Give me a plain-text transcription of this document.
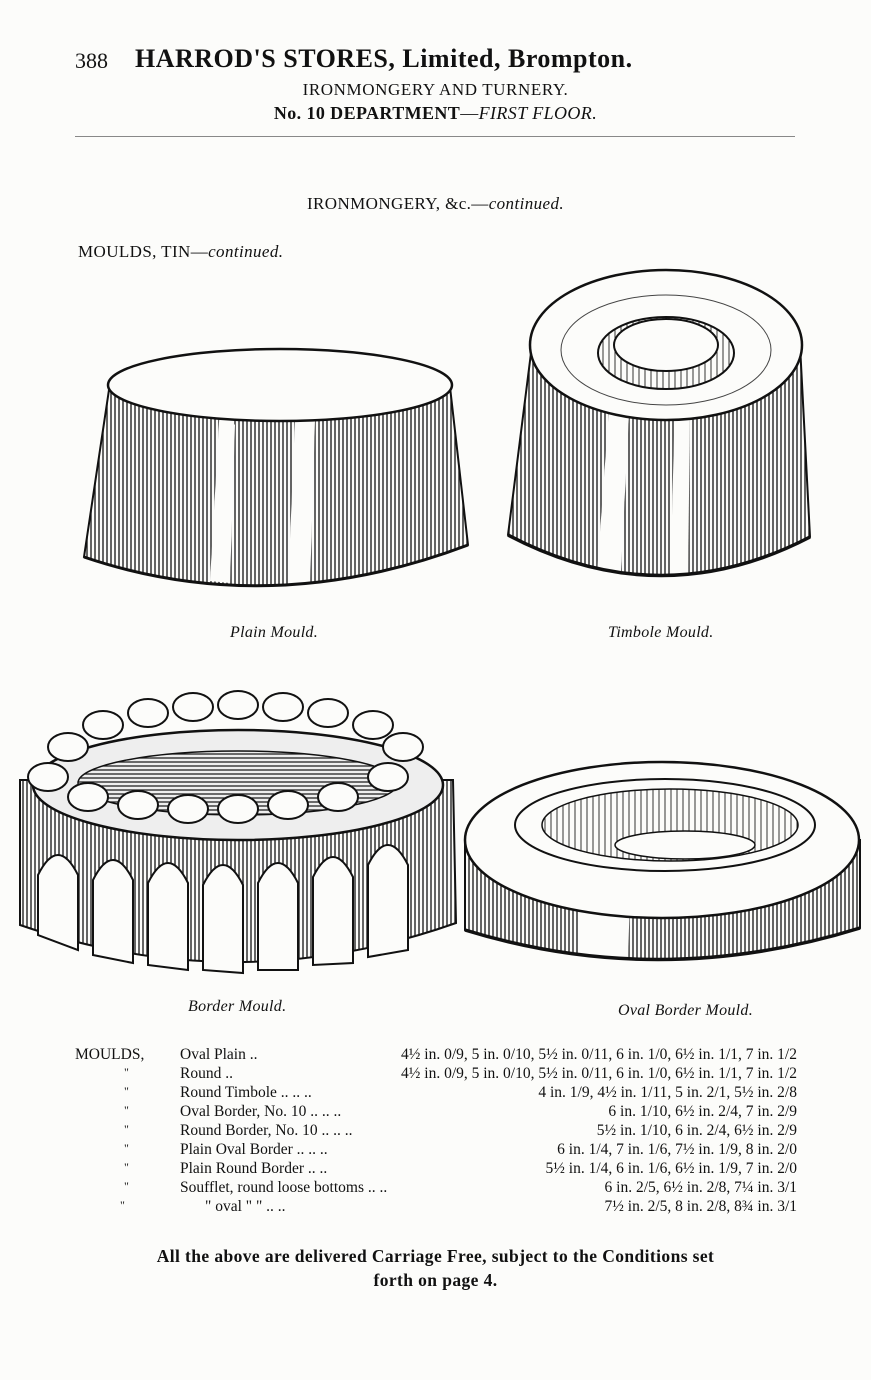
388 HARROD'S STORES, Limited, Brompton.
IRONMONGERY AND TURNERY.
No. 10 DEPARTMENT—FIRST FLOOR.
IRONMONGERY, &c.—continued.
MOULDS, TIN—continued.
Plain Mould.	Timbole Mould.
Border Mould.	Oval Border Mould.
MOULDS, Oval Plain ..	4½ in. 0/9, 5 in. 0/10, 5½ in. 0/11, 6 in. 1/0, 6½ in. 1/1, 7 in. 1/2
"	Round ..	4½ in. 0/9, 5 in. 0/10, 5½ in. 0/11, 6 in. 1/0, 6½ in. 1/1, 7 in. 1/2
"	Round Timbole .. .. ..	4 in. 1/9, 4½ in. 1/11, 5 in. 2/1, 5½ in. 2/8
"	Oval Border, No. 10 .. .. ..	6 in. 1/10, 6½ in. 2/4, 7 in. 2/9
"	Round Border, No. 10 .. .. ..	5½ in. 1/10, 6 in. 2/4, 6½ in. 2/9
"	Plain Oval Border .. .. ..	6 in. 1/4, 7 in. 1/6, 7½ in. 1/9, 8 in. 2/0
"	Plain Round Border .. ..	5½ in. 1/4, 6 in. 1/6, 6½ in. 1/9, 7 in. 2/0
"	Soufflet, round loose bottoms .. ..	6 in. 2/5, 6½ in. 2/8, 7¼ in. 3/1
"	" oval " " .. ..	7½ in. 2/5, 8 in. 2/8, 8¾ in. 3/1
All the above are delivered Carriage Free, subject to the Conditions set
forth on page 4.
